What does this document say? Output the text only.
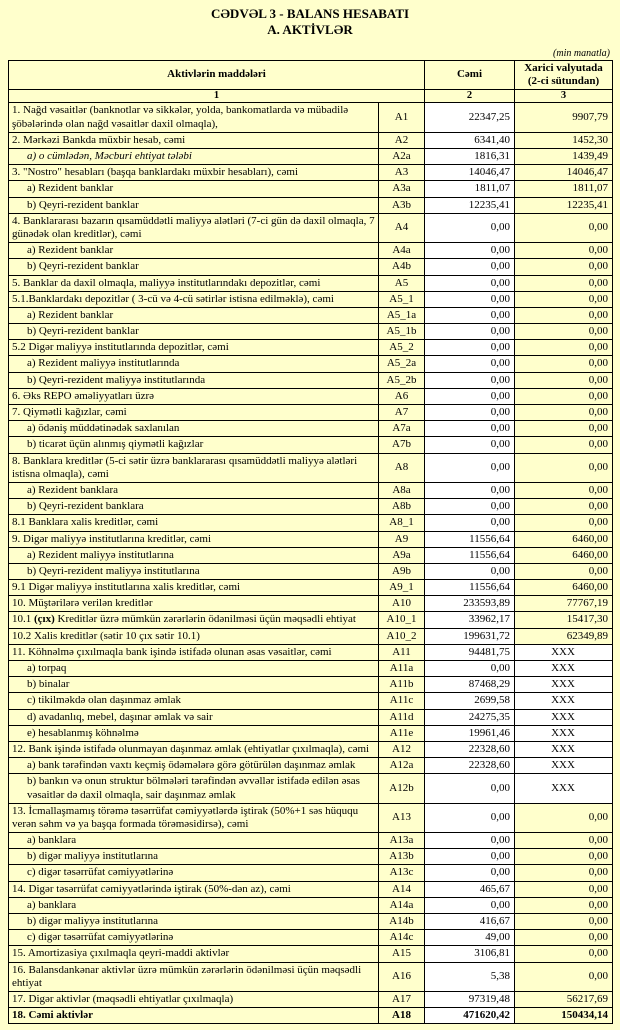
CƏDVƏL 3 - BALANS HESABATI
A. AKTİVLƏR
(min manatla)
Aktivlərin maddələri		Cəmi	Xarici valyutada (2-ci sütundan)
1		2	3
1. Nağd vəsaitlər (banknotlar və sikkələr, yolda, bankomatlarda və mübadilə şöbələrində olan nağd vəsaitlər daxil olmaqla),	A1	22347,25	9907,79
2. Mərkəzi Bankda müxbir hesab, cəmi	A2	6341,40	1452,30
a) o cümlədən, Məcburi ehtiyat tələbi	A2a	1816,31	1439,49
3. "Nostro" hesabları (başqa banklardakı müxbir hesabları), cəmi	A3	14046,47	14046,47
a) Rezident banklar	A3a	1811,07	1811,07
b) Qeyri-rezident banklar	A3b	12235,41	12235,41
4. Banklararası bazarın qısamüddətli maliyyə alətləri (7-ci gün də daxil olmaqla, 7 günədək olan kreditlər), cəmi	A4	0,00	0,00
a) Rezident banklar	A4a	0,00	0,00
b) Qeyri-rezident banklar	A4b	0,00	0,00
5. Banklar da daxil olmaqla, maliyyə institutlarındakı depozitlər, cəmi	A5	0,00	0,00
5.1.Banklardakı depozitlər ( 3-cü və 4-cü sətirlər istisna edilməklə), cəmi	A5_1	0,00	0,00
a) Rezident banklar	A5_1a	0,00	0,00
b) Qeyri-rezident banklar	A5_1b	0,00	0,00
5.2 Digər maliyyə institutlarında depozitlər, cəmi	A5_2	0,00	0,00
a) Rezident maliyyə institutlarında	A5_2a	0,00	0,00
b) Qeyri-rezident maliyyə institutlarında	A5_2b	0,00	0,00
6. Əks REPO əməliyyatları üzrə	A6	0,00	0,00
7. Qiymətli kağızlar, cəmi	A7	0,00	0,00
a) ödəniş müddətinədək saxlanılan	A7a	0,00	0,00
b) ticarət üçün alınmış qiymətli kağızlar	A7b	0,00	0,00
8. Banklara kreditlər (5-ci sətir üzrə banklararası qısamüddətli maliyyə alətləri istisna olmaqla), cəmi	A8	0,00	0,00
a) Rezident banklara	A8a	0,00	0,00
b) Qeyri-rezident banklara	A8b	0,00	0,00
8.1 Banklara xalis kreditlər, cəmi	A8_1	0,00	0,00
9. Digər maliyyə institutlarına kreditlər, cəmi	A9	11556,64	6460,00
a) Rezident maliyyə institutlarına	A9a	11556,64	6460,00
b) Qeyri-rezident maliyyə institutlarına	A9b	0,00	0,00
9.1 Digər maliyyə institutlarına xalis kreditlər, cəmi	A9_1	11556,64	6460,00
10. Müştərilərə verilən kreditlər	A10	233593,89	77767,19
10.1 (çıx) Kreditlər üzrə mümkün zərərlərin ödənilməsi üçün məqsədli ehtiyat	A10_1	33962,17	15417,30
10.2 Xalis kreditlər (sətir 10 çıx sətir 10.1)	A10_2	199631,72	62349,89
11. Köhnəlmə çıxılmaqla bank işində istifadə olunan əsas vəsaitlər, cəmi	A11	94481,75	XXX
a) torpaq	A11a	0,00	XXX
b) binalar	A11b	87468,29	XXX
c) tikilməkdə olan daşınmaz əmlak	A11c	2699,58	XXX
d) avadanlıq, mebel, daşınar əmlak və sair	A11d	24275,35	XXX
e) hesablanmış köhnəlmə	A11e	19961,46	XXX
12. Bank işində istifadə olunmayan daşınmaz əmlak (ehtiyatlar çıxılmaqla), cəmi	A12	22328,60	XXX
a) bank tərəfindən vaxtı keçmiş ödəmələrə görə götürülən daşınmaz əmlak	A12a	22328,60	XXX
b) bankın və onun struktur bölmələri tərəfindən əvvəllər istifadə edilən əsas vəsaitlər də daxil olmaqla, sair daşınmaz əmlak	A12b	0,00	XXX
13. İcmallaşmamış törəmə təsərrüfat cəmiyyətlərdə iştirak (50%+1 səs hüququ verən səhm və ya başqa formada törəməsidirsə), cəmi	A13	0,00	0,00
a) banklara	A13a	0,00	0,00
b) digər maliyyə institutlarına	A13b	0,00	0,00
c) digər təsərrüfat cəmiyyətlərinə	A13c	0,00	0,00
14. Digər təsərrüfat cəmiyyətlərində iştirak (50%-dən az), cəmi	A14	465,67	0,00
a) banklara	A14a	0,00	0,00
b) digər maliyyə institutlarına	A14b	416,67	0,00
c) digər təsərrüfat cəmiyyətlərinə	A14c	49,00	0,00
15. Amortizasiya çıxılmaqla qeyri-maddi aktivlər	A15	3106,81	0,00
16. Balansdankənar aktivlər üzrə mümkün zərərlərin ödənilməsi üçün məqsədli ehtiyat	A16	5,38	0,00
17. Digər aktivlər (məqsədli ehtiyatlar çıxılmaqla)	A17	97319,48	56217,69
18. Cəmi aktivlər	A18	471620,42	150434,14
